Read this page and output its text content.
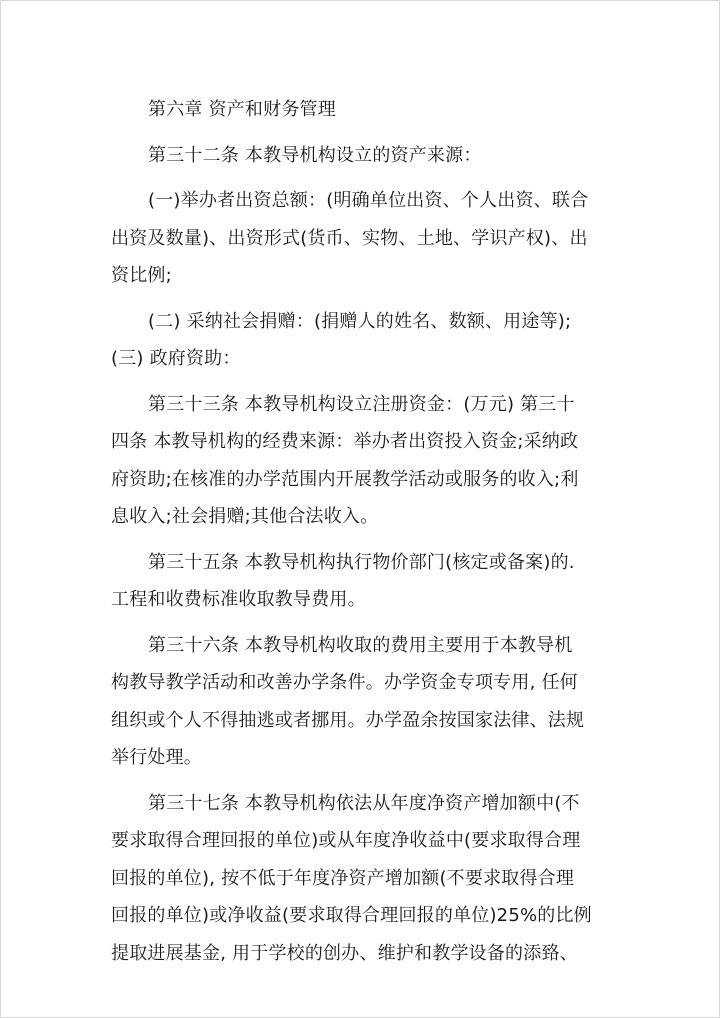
第六章 资产和财务管理
第三十二条 本教导机构设立的资产来源：
(一)举办者出资总额：(明确单位出资、个人出资、联合
出资及数量)、出资形式(货币、实物、土地、学识产权)、出
资比例;
(二) 采纳社会捐赠：(捐赠人的姓名、数额、用途等);
(三) 政府资助：
第三十三条 本教导机构设立注册资金：(万元) 第三十
四条 本教导机构的经费来源：举办者出资投入资金;采纳政
府资助;在核准的办学范围内开展教学活动或服务的收入;利
息收入;社会捐赠;其他合法收入。
第三十五条 本教导机构执行物价部门(核定或备案)的.
工程和收费标准收取教导费用。
第三十六条 本教导机构收取的费用主要用于本教导机
构教导教学活动和改善办学条件。办学资金专项专用, 任何
组织或个人不得抽逃或者挪用。办学盈余按国家法律、法规
举行处理。
第三十七条 本教导机构依法从年度净资产增加额中(不
要求取得合理回报的单位)或从年度净收益中(要求取得合理
回报的单位), 按不低于年度净资产增加额(不要求取得合理
回报的单位)或净收益(要求取得合理回报的单位)25%的比例
提取进展基金, 用于学校的创办、维护和教学设备的添臵、
